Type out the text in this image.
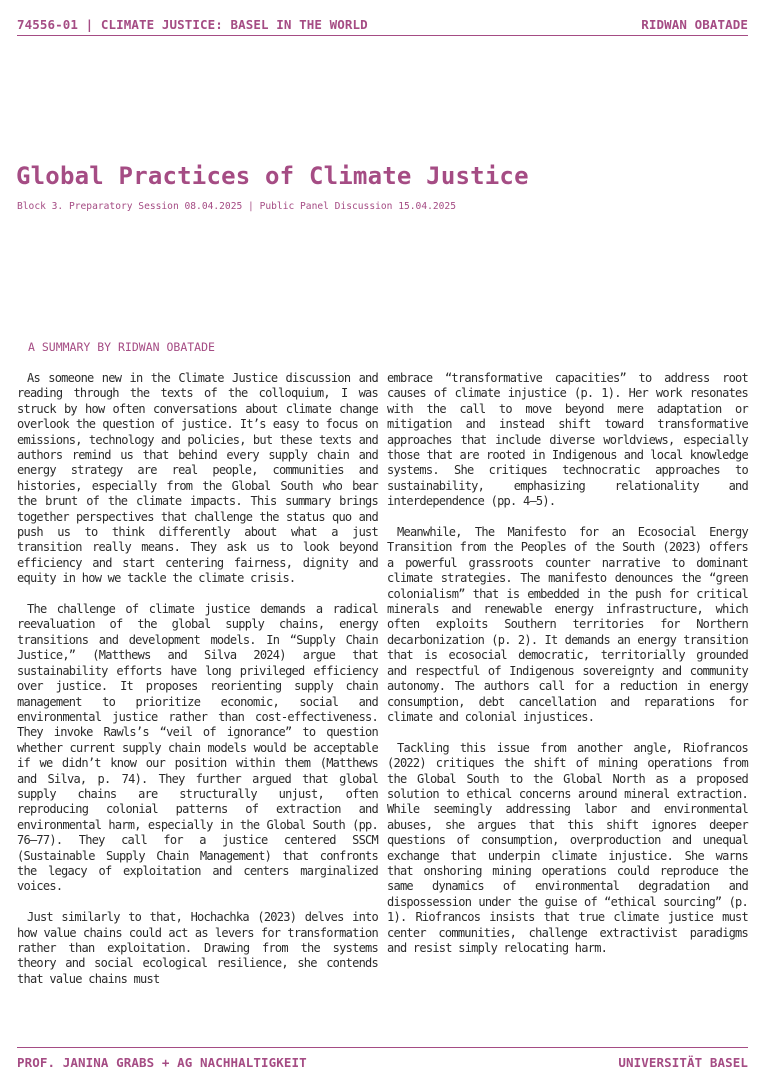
74556-01 | CLIMATE JUSTICE: BASEL IN THE WORLD	RIDWAN OBATADE
Global Practices of Climate Justice
Block 3. Preparatory Session 08.04.2025 | Public Panel Discussion 15.04.2025
A SUMMARY BY RIDWAN OBATADE

As someone new in the Climate Justice discussion and reading through the texts of the colloquium, I was struck by how often conversations about climate change overlook the question of justice. It’s easy to focus on emissions, technology and policies, but these texts and authors remind us that behind every supply chain and energy strategy are real people, communities and histories, especially from the Global South who bear the brunt of the climate impacts. This summary brings together perspectives that challenge the status quo and push us to think differently about what a just transition really means. They ask us to look beyond efficiency and start centering fairness, dignity and equity in how we tackle the climate crisis.

The challenge of climate justice demands a radical reevaluation of the global supply chains, energy transitions and development models. In “Supply Chain Justice,” (Matthews and Silva 2024) argue that sustainability efforts have long privileged efficiency over justice. It proposes reorienting supply chain management to prioritize economic, social and environmental justice rather than cost-effectiveness. They invoke Rawls’s “veil of ignorance” to question whether current supply chain models would be acceptable if we didn’t know our position within them (Matthews and Silva, p. 74). They further argued that global supply chains are structurally unjust, often reproducing colonial patterns of extraction and environmental harm, especially in the Global South (pp. 76–77). They call for a justice centered SSCM (Sustainable Supply Chain Management) that confronts the legacy of exploitation and centers marginalized voices.

Just similarly to that, Hochachka (2023) delves into how value chains could act as levers for transformation rather than exploitation. Drawing from the systems theory and social ecological resilience, she contends that value chains must

embrace “transformative capacities” to address root causes of climate injustice (p. 1). Her work resonates with the call to move beyond mere adaptation or mitigation and instead shift toward transformative approaches that include diverse worldviews, especially those that are rooted in Indigenous and local knowledge systems. She critiques technocratic approaches to sustainability, emphasizing relationality and interdependence (pp. 4–5).

Meanwhile, The Manifesto for an Ecosocial Energy Transition from the Peoples of the South (2023) offers a powerful grassroots counter narrative to dominant climate strategies. The manifesto denounces the “green colonialism” that is embedded in the push for critical minerals and renewable energy infrastructure, which often exploits Southern territories for Northern decarbonization (p. 2). It demands an energy transition that is ecosocial democratic, territorially grounded and respectful of Indigenous sovereignty and community autonomy. The authors call for a reduction in energy consumption, debt cancellation and reparations for climate and colonial injustices.

Tackling this issue from another angle, Riofrancos (2022) critiques the shift of mining operations from the Global South to the Global North as a proposed solution to ethical concerns around mineral extraction. While seemingly addressing labor and environmental abuses, she argues that this shift ignores deeper questions of consumption, overproduction and unequal exchange that underpin climate injustice. She warns that onshoring mining operations could reproduce the same dynamics of environmental degradation and dispossession under the guise of “ethical sourcing” (p. 1). Riofrancos insists that true climate justice must center communities, challenge extractivist paradigms and resist simply relocating harm.

PROF. JANINA GRABS + AG NACHHALTIGKEIT	UNIVERSITÄT BASEL
